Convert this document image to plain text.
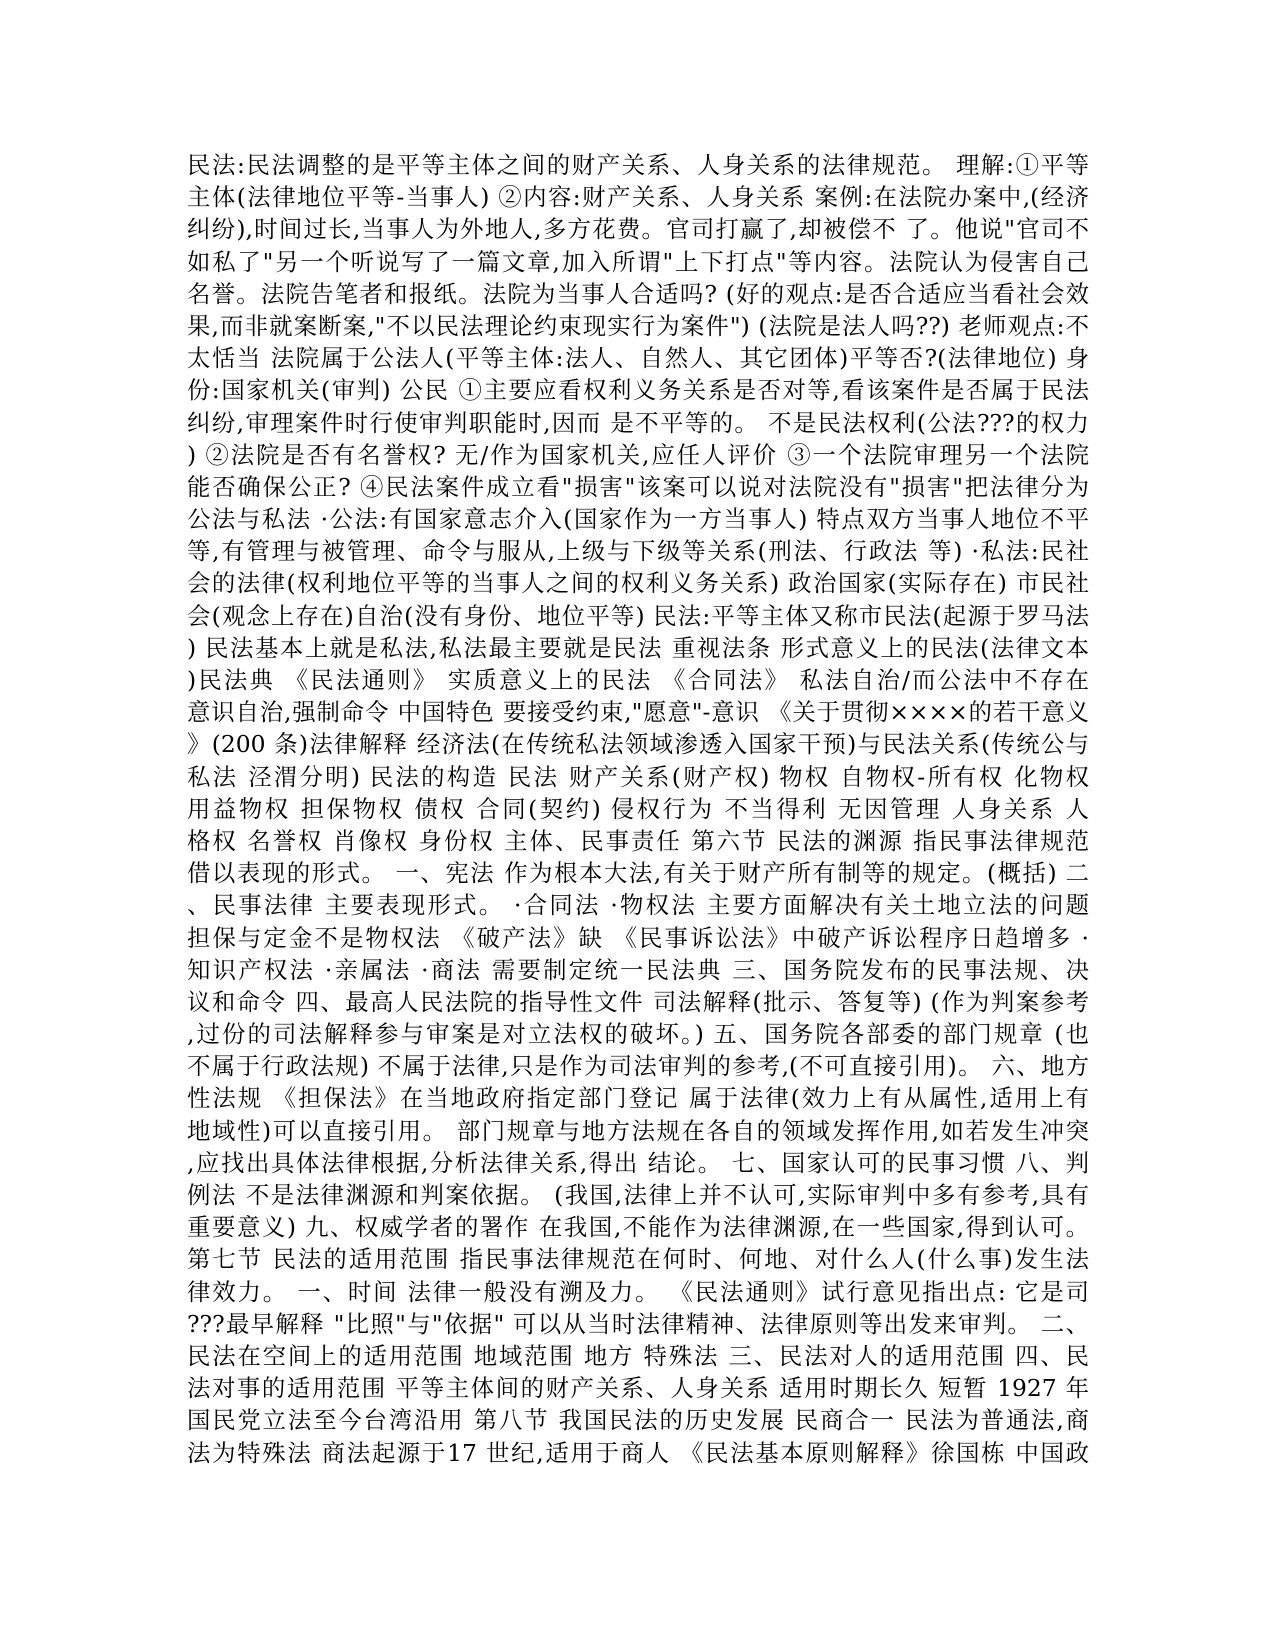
民法:民法调整的是平等主体之间的财产关系、人身关系的法律规范。 理解:①平等
主体(法律地位平等-当事人) ②内容:财产关系、人身关系 案例:在法院办案中,(经济
纠纷),时间过长,当事人为外地人,多方花费。官司打赢了,却被偿不 了。他说"官司不
如私了"另一个听说写了一篇文章,加入所谓"上下打点"等内容。法院认为侵害自己
名誉。法院告笔者和报纸。法院为当事人合适吗? (好的观点:是否合适应当看社会效
果,而非就案断案,"不以民法理论约束现实行为案件") (法院是法人吗??) 老师观点:不
太恬当 法院属于公法人(平等主体:法人、自然人、其它团体)平等否?(法律地位) 身
份:国家机关(审判) 公民 ①主要应看权利义务关系是否对等,看该案件是否属于民法
纠纷,审理案件时行使审判职能时,因而 是不平等的。 不是民法权利(公法???的权力
) ②法院是否有名誉权? 无/作为国家机关,应任人评价 ③一个法院审理另一个法院
能否确保公正? ④民法案件成立看"损害"该案可以说对法院没有"损害"把法律分为
公法与私法 ·公法:有国家意志介入(国家作为一方当事人) 特点双方当事人地位不平
等,有管理与被管理、命令与服从,上级与下级等关系(刑法、行政法 等) ·私法:民社
会的法律(权利地位平等的当事人之间的权利义务关系) 政治国家(实际存在) 市民社
会(观念上存在)自治(没有身份、地位平等) 民法:平等主体又称市民法(起源于罗马法
) 民法基本上就是私法,私法最主要就是民法 重视法条 形式意义上的民法(法律文本
)民法典 《民法通则》 实质意义上的民法 《合同法》 私法自治/而公法中不存在
意识自治,强制命令 中国特色 要接受约束,"愿意"-意识 《关于贯彻××××的若干意义
》(200 条)法律解释 经济法(在传统私法领域渗透入国家干预)与民法关系(传统公与
私法 泾渭分明) 民法的构造 民法 财产关系(财产权) 物权 自物权-所有权 化物权
用益物权 担保物权 债权 合同(契约) 侵权行为 不当得利 无因管理 人身关系 人
格权 名誉权 肖像权 身份权 主体、民事责任 第六节 民法的渊源 指民事法律规范
借以表现的形式。 一、宪法 作为根本大法,有关于财产所有制等的规定。(概括) 二
、民事法律 主要表现形式。 ·合同法 ·物权法 主要方面解决有关土地立法的问题
担保与定金不是物权法 《破产法》缺 《民事诉讼法》中破产诉讼程序日趋增多 ·
知识产权法 ·亲属法 ·商法 需要制定统一民法典 三、国务院发布的民事法规、决
议和命令 四、最高人民法院的指导性文件 司法解释(批示、答复等) (作为判案参考
,过份的司法解释参与审案是对立法权的破坏。) 五、国务院各部委的部门规章 (也
不属于行政法规) 不属于法律,只是作为司法审判的参考,(不可直接引用)。 六、地方
性法规 《担保法》在当地政府指定部门登记 属于法律(效力上有从属性,适用上有
地域性)可以直接引用。 部门规章与地方法规在各自的领域发挥作用,如若发生冲突
,应找出具体法律根据,分析法律关系,得出 结论。 七、国家认可的民事习惯 八、判
例法 不是法律渊源和判案依据。 (我国,法律上并不认可,实际审判中多有参考,具有
重要意义) 九、权威学者的署作 在我国,不能作为法律渊源,在一些国家,得到认可。
第七节 民法的适用范围 指民事法律规范在何时、何地、对什么人(什么事)发生法
律效力。 一、时间 法律一般没有溯及力。 《民法通则》试行意见指出点: 它是司
???最早解释 "比照"与"依据" 可以从当时法律精神、法律原则等出发来审判。 二、
民法在空间上的适用范围 地域范围 地方 特殊法 三、民法对人的适用范围 四、民
法对事的适用范围 平等主体间的财产关系、人身关系 适用时期长久 短暂 1927 年
国民党立法至今台湾沿用 第八节 我国民法的历史发展 民商合一 民法为普通法,商
法为特殊法 商法起源于17 世纪,适用于商人 《民法基本原则解释》徐国栋 中国政
